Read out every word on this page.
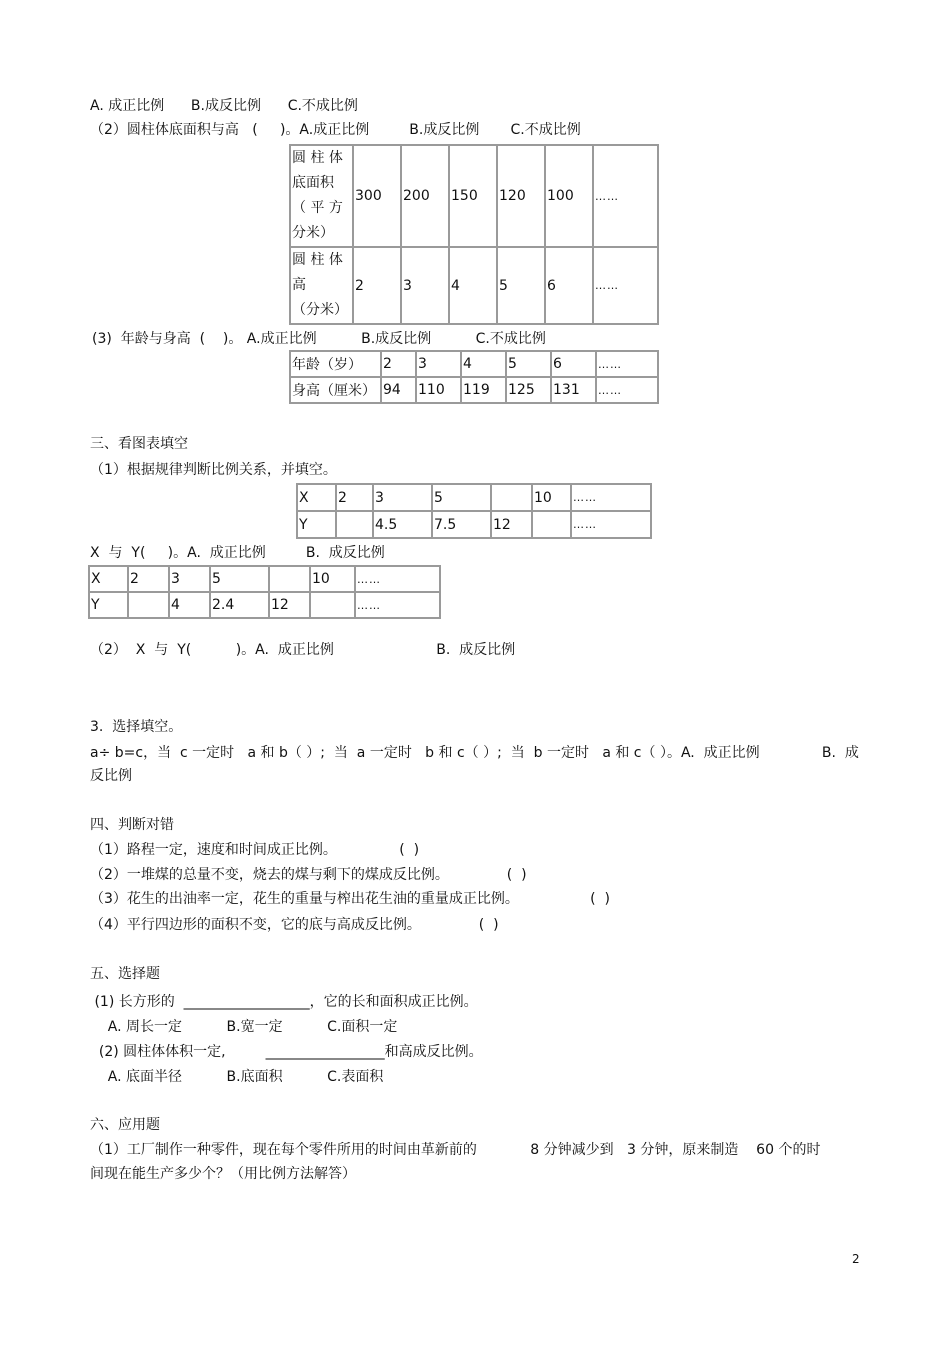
A. 成正比例      B.成反比例      C.不成比例
（2）圆柱体底面积与高   (     )。A.成正比例         B.成反比例       C.不成比例
圆 柱 体
底面积
（ 平 方
分米）	300	200	150	120	100	……

圆 柱 体
高
（分米）	2	3	4	5	6	……
(3)  年龄与身高  (    )。 A.成正比例          B.成反比例          C.不成比例
年龄（岁）	2	3	4	5	6	……
身高（厘米）	94	110	119	125	131	……
三、看图表填空
（1）根据规律判断比例关系，并填空。
X	2	3	5		10	……
Y		4.5	7.5	12		……
X  与  Y(     )。A.  成正比例         B.  成反比例
X	2	3	5		10	……
Y		4	2.4	12		……
（2）  X  与  Y(          )。A.  成正比例                       B.  成反比例
3.  选择填空。
a÷ b=c，当  c 一定时   a 和 b（ ）;  当  a 一定时   b 和 c（ ）;  当  b 一定时   a 和 c（ ）。A.  成正比例              B.  成
反比例
四、判断对错
（1）路程一定，速度和时间成正比例。              (  )
（2）一堆煤的总量不变，烧去的煤与剩下的煤成反比例。             (  )
（3）花生的出油率一定，花生的重量与榨出花生油的重量成正比例。                (  )
（4）平行四边形的面积不变，它的底与高成反比例。             (  )
五、选择题
(1) 长方形的  __________________，它的长和面积成正比例。
A. 周长一定          B.宽一定          C.面积一定
(2) 圆柱体体积一定,         _________________和高成反比例。
A. 底面半径          B.底面积          C.表面积
六、应用题
（1）工厂制作一种零件，现在每个零件所用的时间由革新前的            8 分钟减少到   3 分钟，原来制造    60 个的时
间现在能生产多少个？（用比例方法解答）
2
